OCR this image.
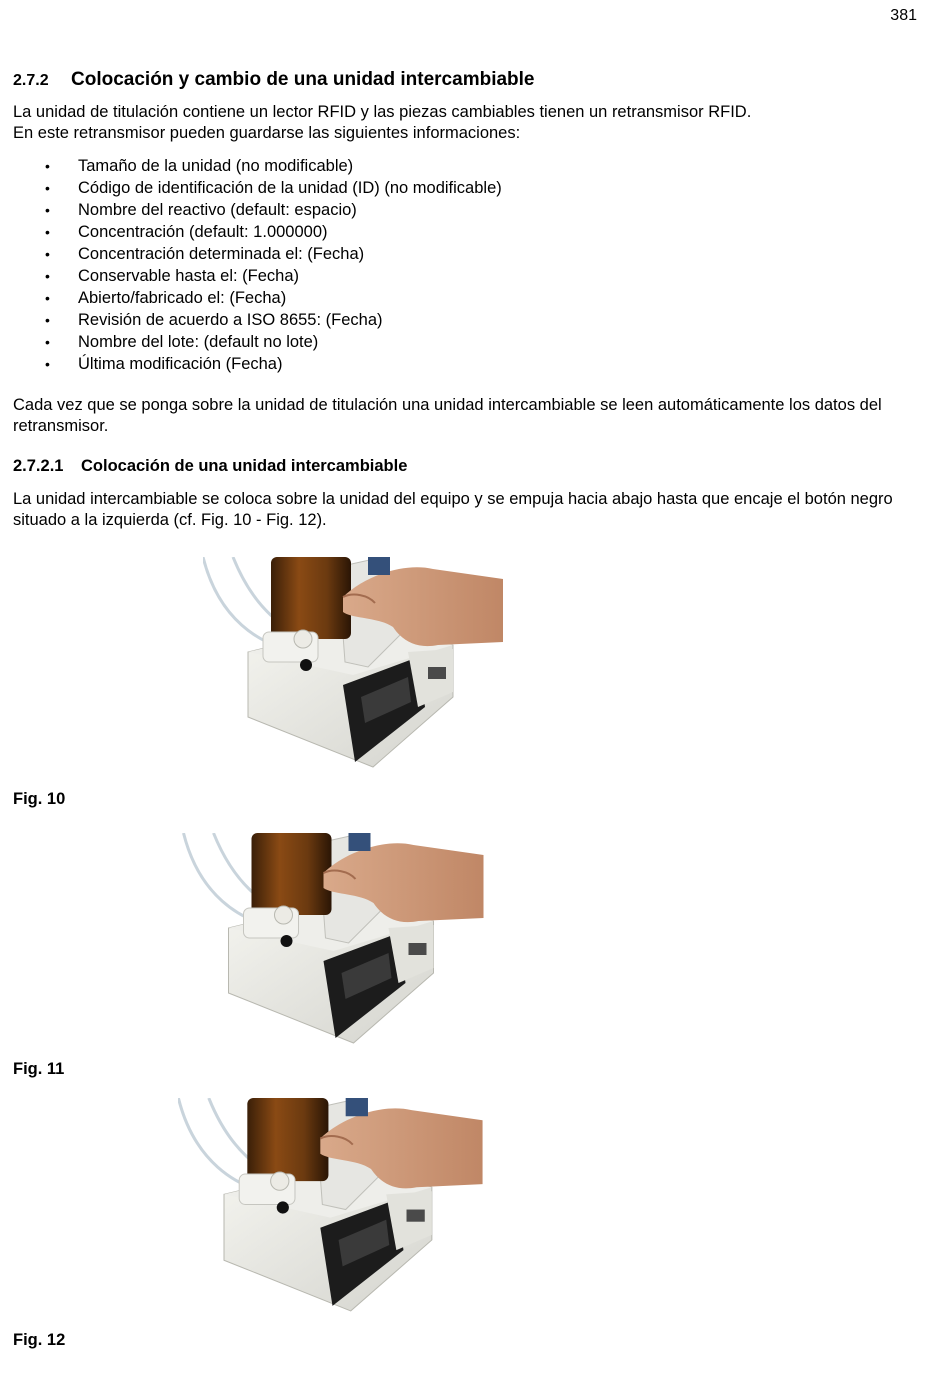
381
2.7.2 Colocación y cambio de una unidad intercambiable

La unidad de titulación contiene un lector RFID y las piezas cambiables tienen un retransmisor RFID.

En este retransmisor pueden guardarse las siguientes informaciones:

• Tamaño de la unidad (no modificable)
• Código de identificación de la unidad (ID) (no modificable)
• Nombre del reactivo (default: espacio)
• Concentración (default: 1.000000)
• Concentración determinada el: (Fecha)
• Conservable hasta el: (Fecha)
• Abierto/fabricado el: (Fecha)
• Revisión de acuerdo a ISO 8655: (Fecha)
• Nombre del lote: (default no lote)
• Última modificación (Fecha)

Cada vez que se ponga sobre la unidad de titulación una unidad intercambiable se leen automáticamente los datos del retransmisor.

2.7.2.1 Colocación de una unidad intercambiable

La unidad intercambiable se coloca sobre la unidad del equipo y se empuja hacia abajo hasta que encaje el botón negro situado a la izquierda (cf. Fig. 10 - Fig. 12).

Fig. 10
Fig. 11
Fig. 12
